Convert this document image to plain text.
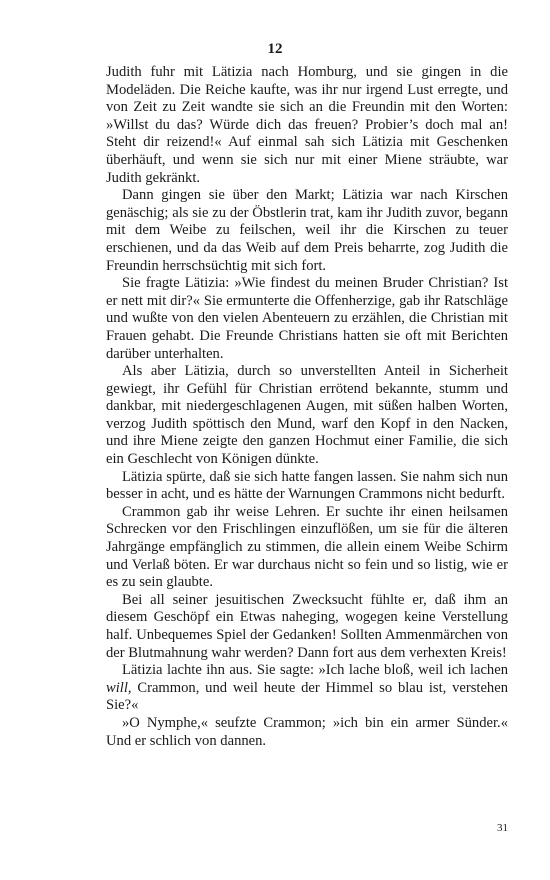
12

Judith fuhr mit Lätizia nach Homburg, und sie gingen in die Modeläden. Die Reiche kaufte, was ihr nur irgend Lust erregte, und von Zeit zu Zeit wandte sie sich an die Freundin mit den Worten: »Willst du das? Würde dich das freuen? Probier’s doch mal an! Steht dir reizend!« Auf einmal sah sich Lätizia mit Geschenken überhäuft, und wenn sie sich nur mit einer Miene sträubte, war Judith gekränkt.

Dann gingen sie über den Markt; Lätizia war nach Kirschen genäschig; als sie zu der Öbstlerin trat, kam ihr Judith zuvor, begann mit dem Weibe zu feilschen, weil ihr die Kirschen zu teuer erschienen, und da das Weib auf dem Preis beharrte, zog Judith die Freundin herrschsüchtig mit sich fort.

Sie fragte Lätizia: »Wie findest du meinen Bruder Christian? Ist er nett mit dir?« Sie ermunterte die Offenherzige, gab ihr Ratschläge und wußte von den vielen Abenteuern zu erzählen, die Christian mit Frauen gehabt. Die Freunde Christians hatten sie oft mit Berichten darüber unterhalten.

Als aber Lätizia, durch so unverstellten Anteil in Sicherheit gewiegt, ihr Gefühl für Christian errötend bekannte, stumm und dankbar, mit niedergeschlagenen Augen, mit süßen halben Worten, verzog Judith spöttisch den Mund, warf den Kopf in den Nacken, und ihre Miene zeigte den ganzen Hochmut einer Familie, die sich ein Geschlecht von Königen dünkte.

Lätizia spürte, daß sie sich hatte fangen lassen. Sie nahm sich nun besser in acht, und es hätte der Warnungen Crammons nicht bedurft.

Crammon gab ihr weise Lehren. Er suchte ihr einen heilsamen Schrecken vor den Frischlingen einzuflößen, um sie für die älteren Jahrgänge empfänglich zu stimmen, die allein einem Weibe Schirm und Verlaß böten. Er war durchaus nicht so fein und so listig, wie er es zu sein glaubte.

Bei all seiner jesuitischen Zwecksucht fühlte er, daß ihm an diesem Geschöpf ein Etwas naheging, wogegen keine Verstellung half. Unbequemes Spiel der Gedanken! Sollten Ammenmärchen von der Blutmahnung wahr werden? Dann fort aus dem verhexten Kreis!

Lätizia lachte ihn aus. Sie sagte: »Ich lache bloß, weil ich lachen will, Crammon, und weil heute der Himmel so blau ist, verstehen Sie?«

»O Nymphe,« seufzte Crammon; »ich bin ein armer Sünder.« Und er schlich von dannen.

31
